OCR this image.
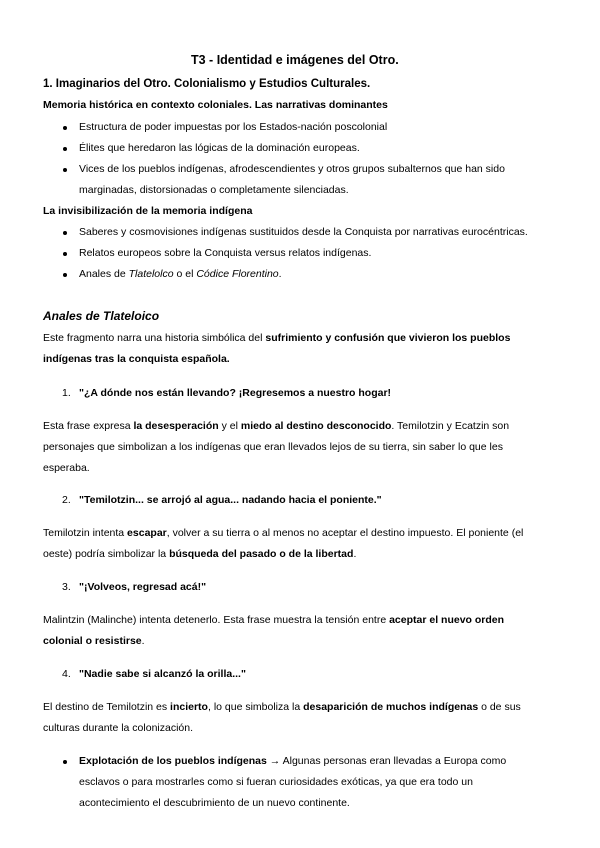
T3 - Identidad e imágenes del Otro.
1. Imaginarios del Otro. Colonialismo y Estudios Culturales.
Memoria histórica en contexto coloniales. Las narrativas dominantes
Estructura de poder impuestas por los Estados-nación poscolonial
Élites que heredaron las lógicas de la dominación europeas.
Vices de los pueblos indígenas, afrodescendientes y otros grupos subalternos que han sido
marginadas, distorsionadas o completamente silenciadas.
La invisibilización de la memoria indígena
Saberes y cosmovisiones indígenas sustituidos desde la Conquista por narrativas eurocéntricas.
Relatos europeos sobre la Conquista versus relatos indígenas.
Anales de Tlatelolco o el Códice Florentino.
Anales de Tlateloico
Este fragmento narra una historia simbólica del sufrimiento y confusión que vivieron los pueblos
indígenas tras la conquista española.
1. "¿A dónde nos están llevando? ¡Regresemos a nuestro hogar!
Esta frase expresa la desesperación y el miedo al destino desconocido. Temilotzin y Ecatzin son
personajes que simbolizan a los indígenas que eran llevados lejos de su tierra, sin saber lo que les
esperaba.
2. "Temilotzin... se arrojó al agua... nadando hacia el poniente."
Temilotzin intenta escapar, volver a su tierra o al menos no aceptar el destino impuesto. El poniente (el
oeste) podría simbolizar la búsqueda del pasado o de la libertad.
3. "¡Volveos, regresad acá!"
Malintzin (Malinche) intenta detenerlo. Esta frase muestra la tensión entre aceptar el nuevo orden
colonial o resistirse.
4. "Nadie sabe si alcanzó la orilla..."
El destino de Temilotzin es incierto, lo que simboliza la desaparición de muchos indígenas o de sus
culturas durante la colonización.
Explotación de los pueblos indígenas → Algunas personas eran llevadas a Europa como
esclavos o para mostrarles como si fueran curiosidades exóticas, ya que era todo un
acontecimiento el descubrimiento de un nuevo continente.
